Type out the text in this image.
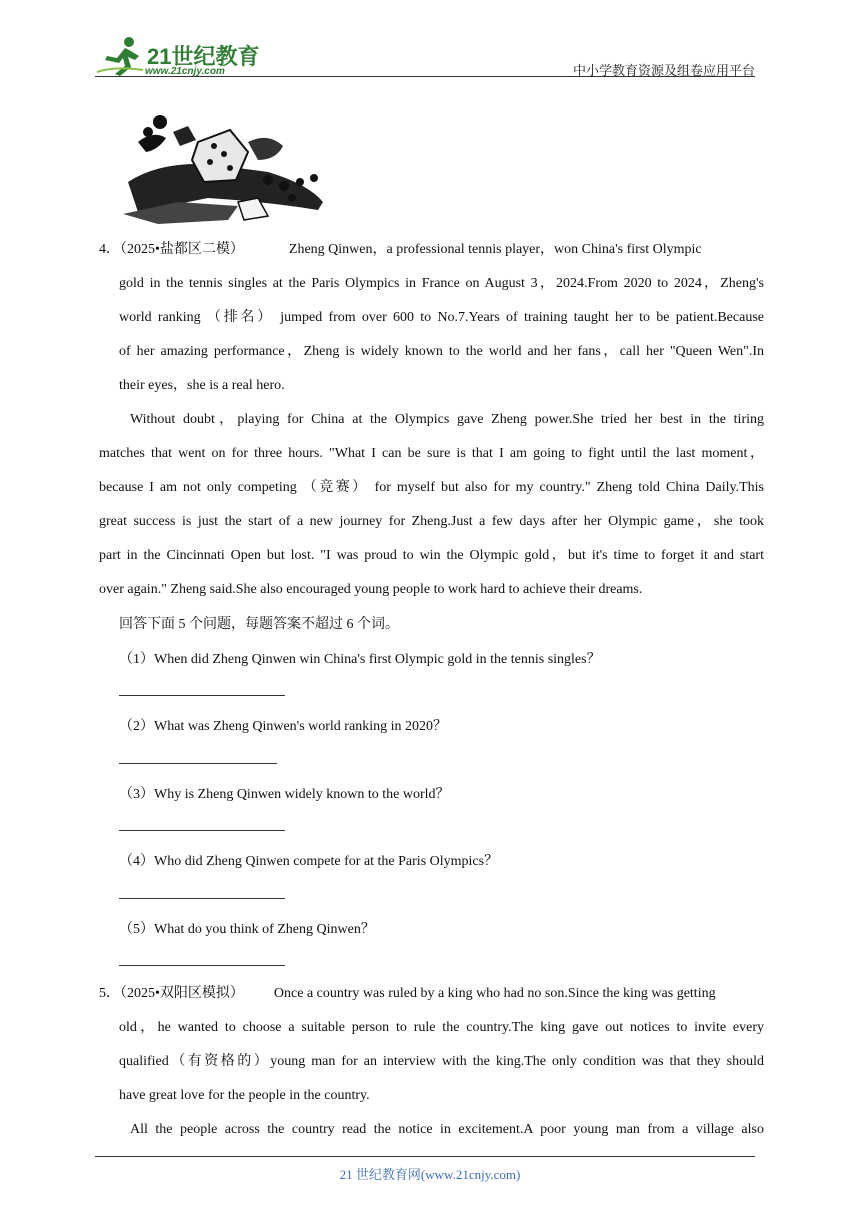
21世纪教育
www.21cnjy.com	中小学教育资源及组卷应用平台
4．（2025•盐都区二模）	Zheng Qinwen，a professional tennis player，won China's first Olympic
gold in the tennis singles at the Paris Olympics in France on August 3，2024.From 2020 to 2024，Zheng's
world ranking （排名） jumped from over 600 to No.7.Years of training taught her to be patient.Because
of her amazing performance，Zheng is widely known to the world and her fans，call her "Queen Wen".In
their eyes，she is a real hero.
Without doubt，playing for China at the Olympics gave Zheng power.She tried her best in the tiring
matches that went on for three hours. "What I can be sure is that I am going to fight until the last moment，
because I am not only competing （竞赛） for myself but also for my country." Zheng told China Daily.This
great success is just the start of a new journey for Zheng.Just a few days after her Olympic game，she took
part in the Cincinnati Open but lost. "I was proud to win the Olympic gold，but it's time to forget it and start
over again." Zheng said.She also encouraged young people to work hard to achieve their dreams.
回答下面 5 个问题，每题答案不超过 6 个词。
（1）When did Zheng Qinwen win China's first Olympic gold in the tennis singles？
（2）What was Zheng Qinwen's world ranking in 2020？
（3）Why is Zheng Qinwen widely known to the world？
（4）Who did Zheng Qinwen compete for at the Paris Olympics？
（5）What do you think of Zheng Qinwen？
5．（2025•双阳区模拟） Once a country was ruled by a king who had no son.Since the king was getting
old，he wanted to choose a suitable person to rule the country.The king gave out notices to invite every
qualified（有资格的）young man for an interview with the king.The only condition was that they should
have great love for the people in the country.
All the people across the country read the notice in excitement.A poor young man from a village also
21 世纪教育网(www.21cnjy.com)
